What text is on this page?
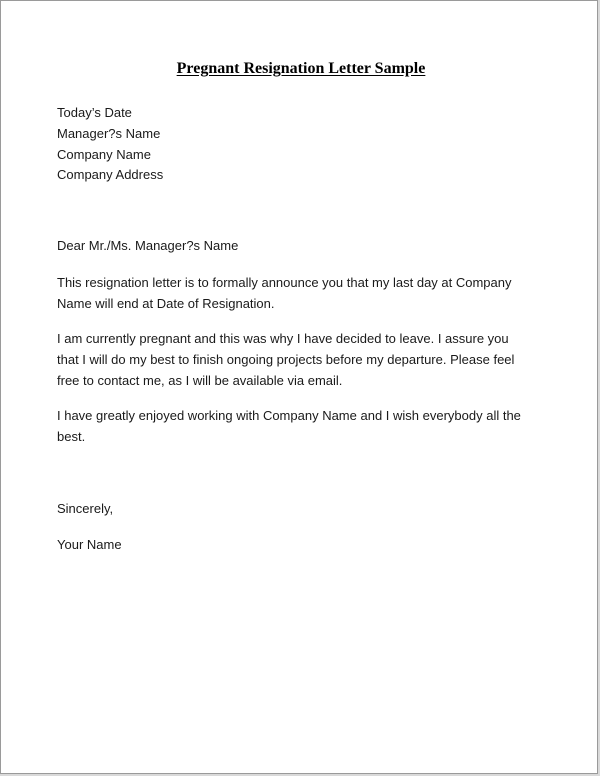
Pregnant Resignation Letter Sample

Today’s Date

Manager?s Name

Company Name

Company Address

Dear Mr./Ms. Manager?s Name

This resignation letter is to formally announce you that my last day at Company
Name will end at Date of Resignation.
I am currently pregnant and this was why I have decided to leave. I assure you
that I will do my best to finish ongoing projects before my departure. Please feel
free to contact me, as I will be available via email.
I have greatly enjoyed working with Company Name and I wish everybody all the
best.

Sincerely,

Your Name
